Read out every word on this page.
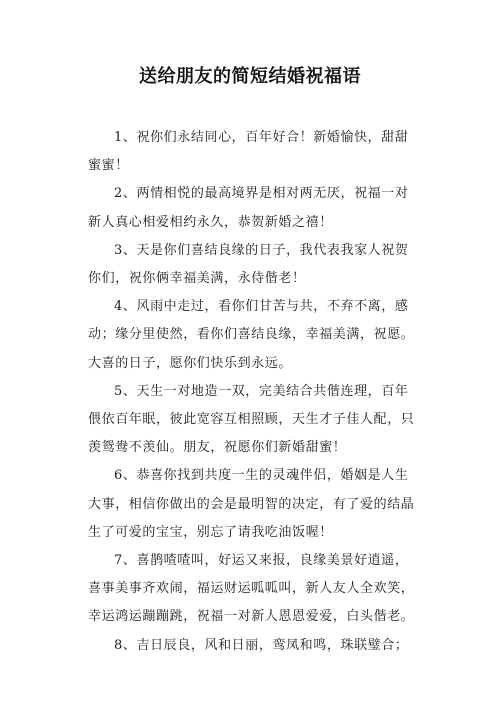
送给朋友的简短结婚祝福语

1、祝你们永结同心，百年好合！新婚愉快，甜甜
蜜蜜！

2、两情相悦的最高境界是相对两无厌，祝福一对
新人真心相爱相约永久，恭贺新婚之禧！

3、天是你们喜结良缘的日子，我代表我家人祝贺
你们，祝你俩幸福美满，永侍偕老！

4、风雨中走过，看你们甘苦与共，不弃不离，感
动；缘分里使然，看你们喜结良缘，幸福美满，祝愿。
大喜的日子，愿你们快乐到永远。

5、天生一对地造一双，完美结合共偕连理，百年
偎依百年眠，彼此宽容互相照顾，天生才子佳人配，只
羡鸳鸯不羡仙。朋友，祝愿你们新婚甜蜜！

6、恭喜你找到共度一生的灵魂伴侣，婚姻是人生
大事，相信你做出的会是最明智的决定，有了爱的结晶
生了可爱的宝宝，别忘了请我吃油饭喔！

7、喜鹊喳喳叫，好运又来报，良缘美景好逍遥，
喜事美事齐欢闹，福运财运呱呱叫，新人友人全欢笑，
幸运鸿运蹦蹦跳，祝福一对新人恩恩爱爱，白头偕老。

8、吉日辰良，风和日丽，鸾凤和鸣，珠联璧合；
